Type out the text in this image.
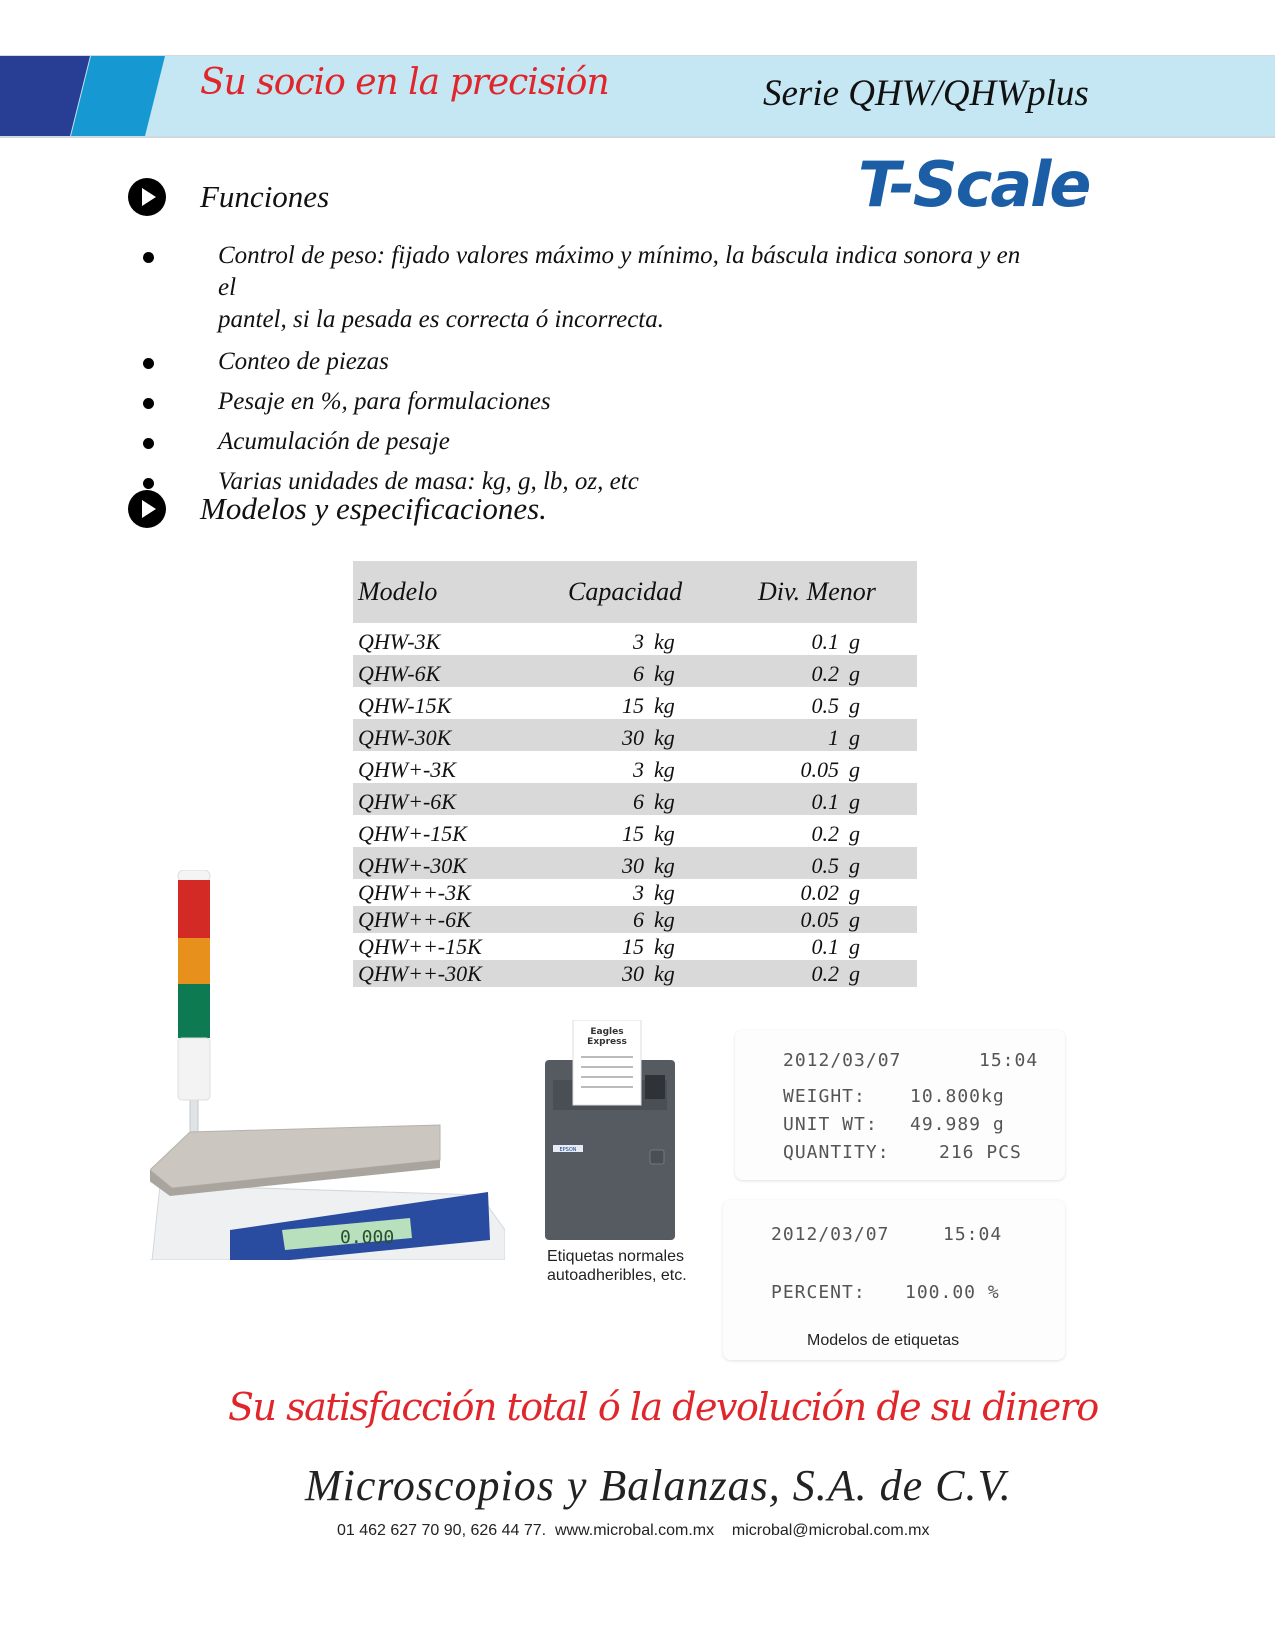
Su socio en la precisión	Serie QHW/QHWplus
T-Scale
Funciones
Control de peso: fijado valores máximo y mínimo, la báscula indica sonora y en el
pantel, si la pesada es correcta ó incorrecta.
Conteo de piezas
Pesaje en %, para formulaciones
Acumulación de pesaje
Varias unidades de masa: kg, g, lb, oz, etc
Modelos y especificaciones.
Modelo	Capacidad	Div. Menor
QHW-3K	3 kg	0.1 g
QHW-6K	6 kg	0.2 g
QHW-15K	15 kg	0.5 g
QHW-30K	30 kg	1 g
QHW+-3K	3 kg	0.05 g
QHW+-6K	6 kg	0.1 g
QHW+-15K	15 kg	0.2 g
QHW+-30K	30 kg	0.5 g
QHW++-3K	3 kg	0.02 g
QHW++-6K	6 kg	0.05 g
QHW++-15K	15 kg	0.1 g
QHW++-30K	30 kg	0.2 g
0.000
Eagles
Express
EPSON
Etiquetas normales
autoadheribles, etc.
2012/03/07	15:04
WEIGHT: 10.800kg
UNIT WT: 49.989 g
QUANTITY:	216 PCS
2012/03/07	15:04
PERCENT: 100.00 %
Modelos de etiquetas
Su satisfacción total ó la devolución de su dinero
Microscopios y Balanzas, S.A. de C.V.
01 462 627 70 90, 626 44 77. www.microbal.com.mx microbal@microbal.com.mx
